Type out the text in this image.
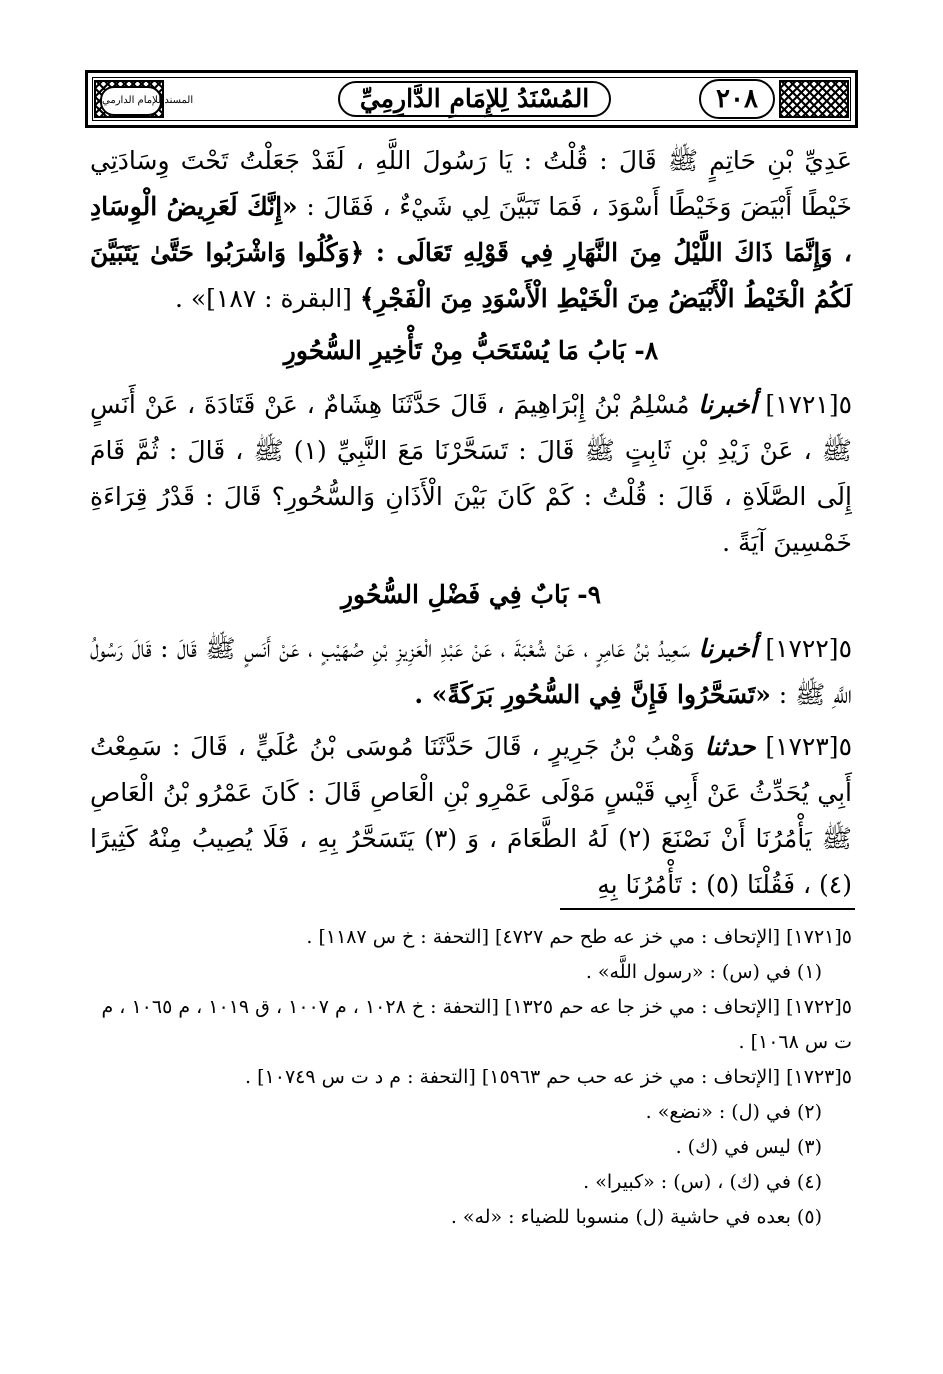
المسند للإمام الدارمي	المُسْنَدُ لِلإِمَامِ الدَّارِمِيِّ	٢٠٨

عَدِيِّ بْنِ حَاتِمٍ ﷺ قَالَ : قُلْتُ : يَا رَسُولَ اللَّهِ ، لَقَدْ جَعَلْتُ تَحْتَ وِسَادَتِي خَيْطًا أَبْيَضَ وَخَيْطًا أَسْوَدَ ، فَمَا تَبَيَّنَ لِي شَيْءٌ ، فَقَالَ : «إِنَّكَ لَعَرِيضُ الْوِسَادِ ، وَإِنَّمَا ذَاكَ اللَّيْلُ مِنَ النَّهَارِ فِي قَوْلِهِ تَعَالَى : ﴿وَكُلُوا وَاشْرَبُوا حَتَّىٰ يَتَبَيَّنَ لَكُمُ الْخَيْطُ الْأَبْيَضُ مِنَ الْخَيْطِ الْأَسْوَدِ مِنَ الْفَجْرِ﴾ [البقرة : ١٨٧]» .

٨- بَابُ مَا يُسْتَحَبُّ مِنْ تَأْخِيرِ السُّحُورِ

٥[١٧٢١] أخبرنا مُسْلِمُ بْنُ إِبْرَاهِيمَ ، قَالَ حَدَّثَنَا هِشَامٌ ، عَنْ قَتَادَةَ ، عَنْ أَنَسٍ ﷺ ، عَنْ زَيْدِ بْنِ ثَابِتٍ ﷺ قَالَ : تَسَحَّرْنَا مَعَ النَّبِيِّ (١) ﷺ ، قَالَ : ثُمَّ قَامَ إِلَى الصَّلَاةِ ، قَالَ : قُلْتُ : كَمْ كَانَ بَيْنَ الْأَذَانِ وَالسُّحُورِ؟ قَالَ : قَدْرُ قِرَاءَةِ خَمْسِينَ آيَةً .

٩- بَابٌ فِي فَضْلِ السُّحُورِ

٥[١٧٢٢] أخبرنا سَعِيدُ بْنُ عَامِرٍ ، عَنْ شُعْبَةَ ، عَنْ عَبْدِ الْعَزِيزِ بْنِ صُهَيْبٍ ، عَنْ أَنَسٍ ﷺ قَالَ : قَالَ رَسُولُ اللَّهِ ﷺ : «تَسَحَّرُوا فَإِنَّ فِي السُّحُورِ بَرَكَةً» .

٥[١٧٢٣] حدثنا وَهْبُ بْنُ جَرِيرٍ ، قَالَ حَدَّثَنَا مُوسَى بْنُ عُلَيٍّ ، قَالَ : سَمِعْتُ أَبِي يُحَدِّثُ عَنْ أَبِي قَيْسٍ مَوْلَى عَمْرِو بْنِ الْعَاصِ قَالَ : كَانَ عَمْرُو بْنُ الْعَاصِ ﷺ يَأْمُرُنَا أَنْ نَصْنَعَ (٢) لَهُ الطَّعَامَ ، وَ (٣) يَتَسَحَّرُ بِهِ ، فَلَا يُصِيبُ مِنْهُ كَثِيرًا (٤) ، فَقُلْنَا (٥) : تَأْمُرُنَا بِهِ

٥[١٧٢١] [الإتحاف : مي خز عه طح حم ٤٧٢٧] [التحفة : خ س ١١٨٧] .

(١) في (س) : «رسول اللَّه» .

٥[١٧٢٢] [الإتحاف : مي خز جا عه حم ١٣٢٥] [التحفة : خ ١٠٢٨ ، م ١٠٠٧ ، ق ١٠١٩ ، م ١٠٦٥ ، م ت س ١٠٦٨] .

٥[١٧٢٣] [الإتحاف : مي خز عه حب حم ١٥٩٦٣] [التحفة : م د ت س ١٠٧٤٩] .

(٢) في (ل) : «نضع» .

(٣) ليس في (ك) .

(٤) في (ك) ، (س) : «كبيرا» .

(٥) بعده في حاشية (ل) منسوبا للضياء : «له» .
